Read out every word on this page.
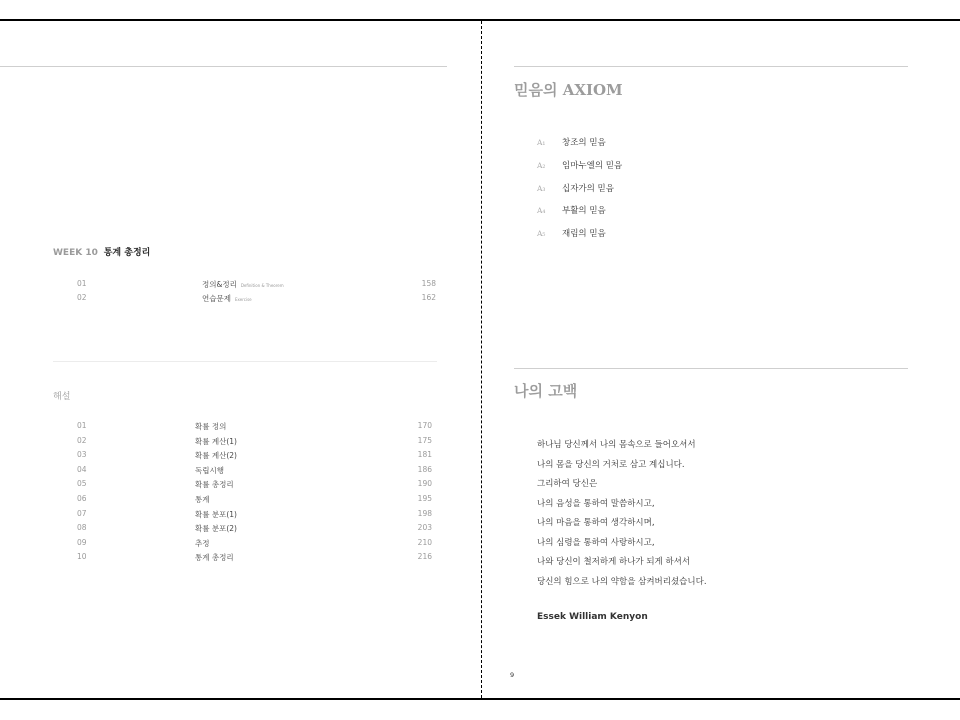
WEEK 10 통계 총정리
01	정의&정리 Definition & Theorem	158
02	연습문제 Exercise	162
해설
01	확률 정의	170
02	확률 계산(1)	175
03	확률 계산(2)	181
04	독립시행	186
05	확률 총정리	190
06	통계	195
07	확률 분포(1)	198
08	확률 분포(2)	203
09	추정	210
10	통계 총정리	216
믿음의 AXIOM
A₁ 창조의 믿음
A₂ 임마누엘의 믿음
A₃ 십자가의 믿음
A₄ 부활의 믿음
A₅ 재림의 믿음
나의 고백
하나님 당신께서 나의 몸속으로 들어오셔서
나의 몸을 당신의 거처로 삼고 계십니다.
그리하여 당신은
나의 음성을 통하여 말씀하시고,
나의 마음을 통하여 생각하시며,
나의 심령을 통하여 사랑하시고,
나와 당신이 철저하게 하나가 되게 하셔서
당신의 힘으로 나의 약함을 삼켜버리셨습니다.
Essek William Kenyon
9
